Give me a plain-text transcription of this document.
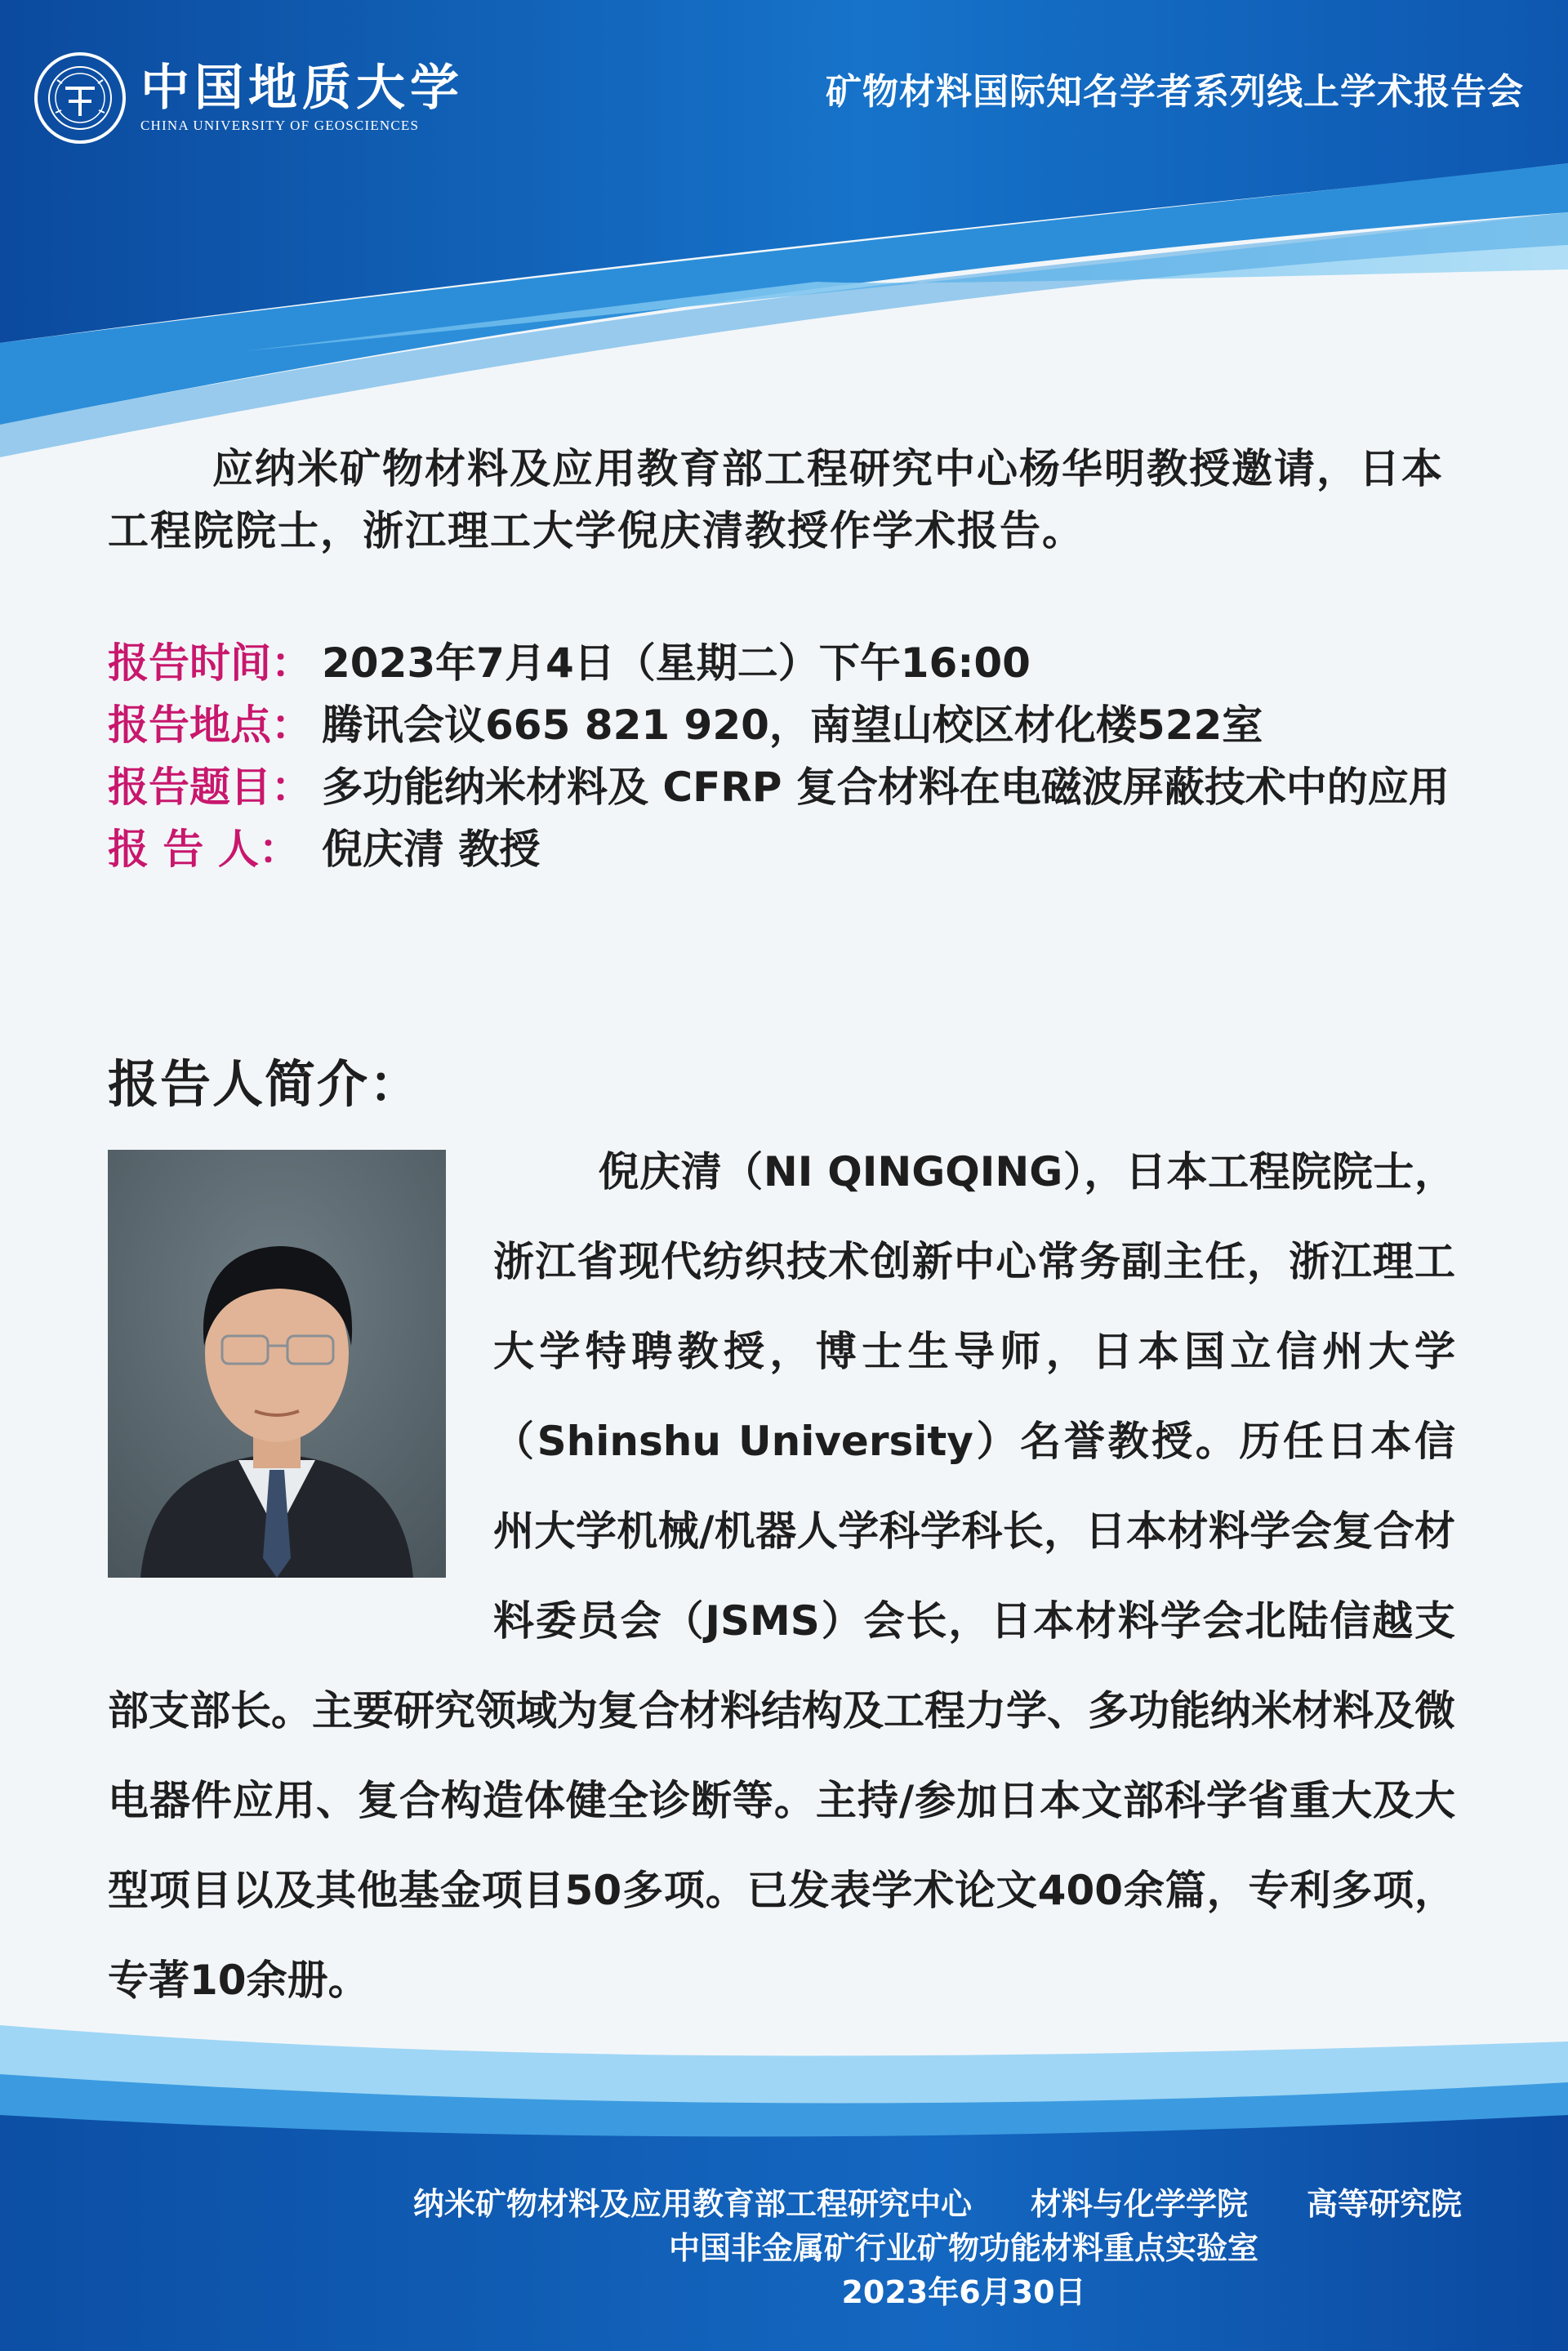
中国地质大学
CHINA UNIVERSITY OF GEOSCIENCES
矿物材料国际知名学者系列线上学术报告会
应纳米矿物材料及应用教育部工程研究中心杨华明教授邀请，日本工程院院士，浙江理工大学倪庆清教授作学术报告。
报告时间： 2023年7月4日（星期二）下午16:00
报告地点： 腾讯会议665 821 920，南望山校区材化楼522室
报告题目： 多功能纳米材料及 CFRP 复合材料在电磁波屏蔽技术中的应用
报 告 人： 倪庆清 教授
报告人简介：
倪庆清（NI QINGQING），日本工程院院士，浙江省现代纺织技术创新中心常务副主任，浙江理工大学特聘教授，博士生导师，日本国立信州大学（Shinshu University）名誉教授。历任日本信州大学机械/机器人学科学科长，日本材料学会复合材料委员会（JSMS）会长，日本材料学会北陆信越支部支部长。主要研究领域为复合材料结构及工程力学、多功能纳米材料及微电器件应用、复合构造体健全诊断等。主持/参加日本文部科学省重大及大型项目以及其他基金项目50多项。已发表学术论文400余篇，专利多项，专著10余册。
纳米矿物材料及应用教育部工程研究中心 材料与化学学院 高等研究院
中国非金属矿行业矿物功能材料重点实验室
2023年6月30日
